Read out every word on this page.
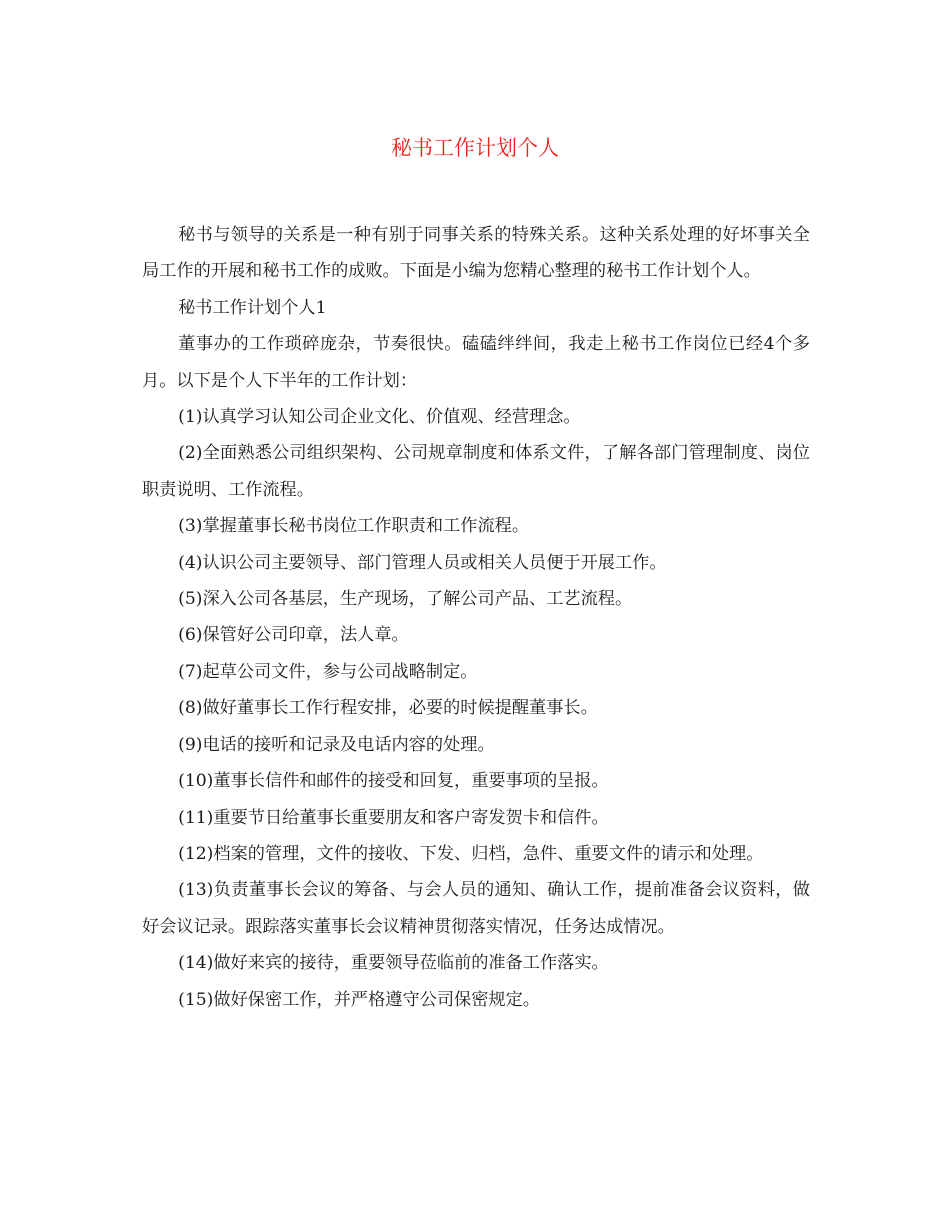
秘书工作计划个人

秘书与领导的关系是一种有别于同事关系的特殊关系。这种关系处理的好坏事关全局工作的开展和秘书工作的成败。下面是小编为您精心整理的秘书工作计划个人。

秘书工作计划个人1

董事办的工作琐碎庞杂，节奏很快。磕磕绊绊间，我走上秘书工作岗位已经4个多月。以下是个人下半年的工作计划：

(1)认真学习认知公司企业文化、价值观、经营理念。

(2)全面熟悉公司组织架构、公司规章制度和体系文件，了解各部门管理制度、岗位职责说明、工作流程。

(3)掌握董事长秘书岗位工作职责和工作流程。

(4)认识公司主要领导、部门管理人员或相关人员便于开展工作。

(5)深入公司各基层，生产现场，了解公司产品、工艺流程。

(6)保管好公司印章，法人章。

(7)起草公司文件，参与公司战略制定。

(8)做好董事长工作行程安排，必要的时候提醒董事长。

(9)电话的接听和记录及电话内容的处理。

(10)董事长信件和邮件的接受和回复，重要事项的呈报。

(11)重要节日给董事长重要朋友和客户寄发贺卡和信件。

(12)档案的管理，文件的接收、下发、归档，急件、重要文件的请示和处理。

(13)负责董事长会议的筹备、与会人员的通知、确认工作，提前准备会议资料，做好会议记录。跟踪落实董事长会议精神贯彻落实情况，任务达成情况。

(14)做好来宾的接待，重要领导莅临前的准备工作落实。

(15)做好保密工作，并严格遵守公司保密规定。
